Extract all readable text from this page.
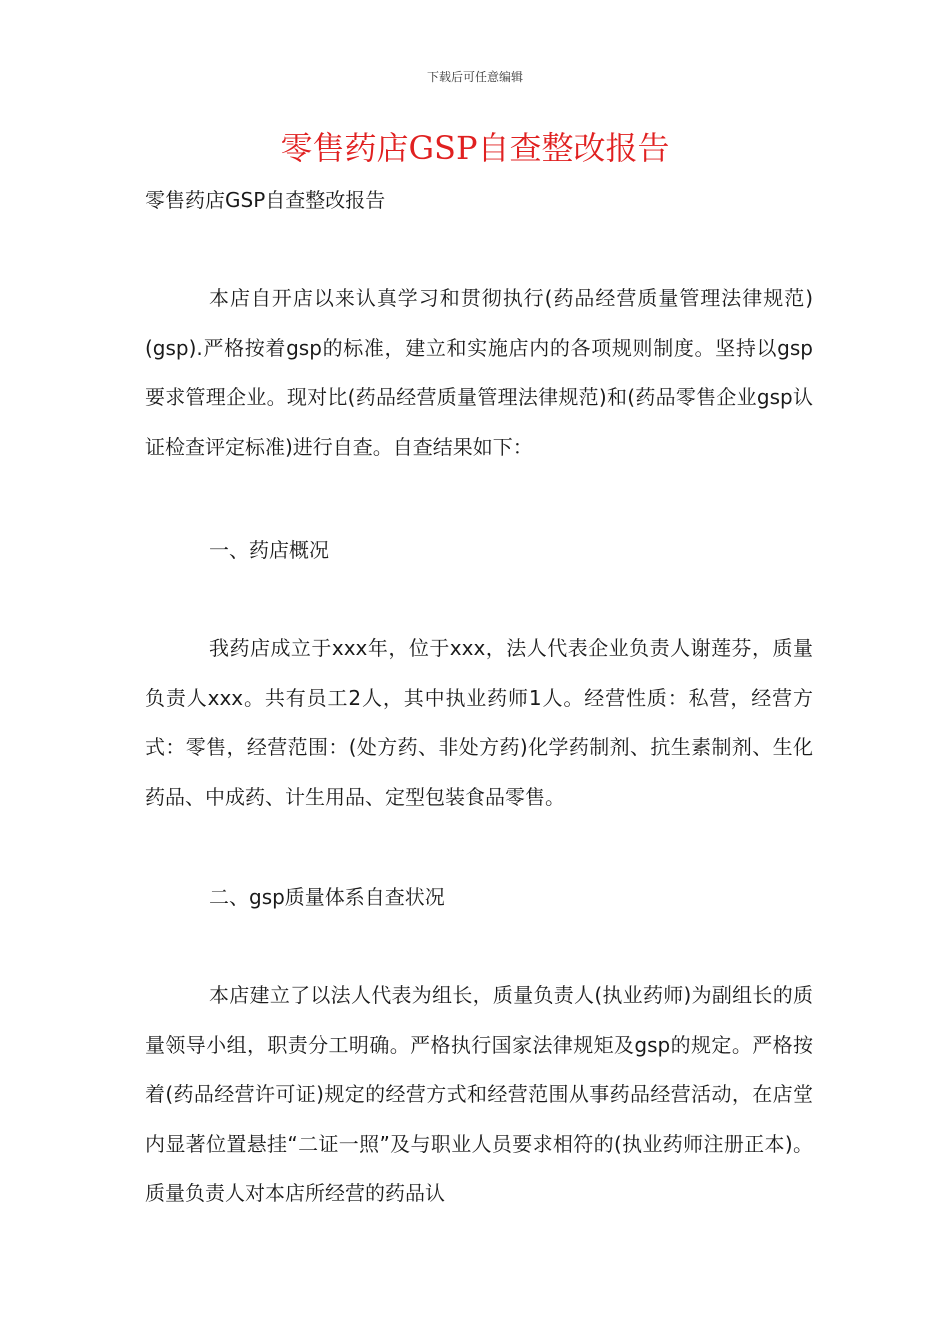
下载后可任意编辑
零售药店GSP自查整改报告

零售药店GSP自查整改报告

本店自开店以来认真学习和贯彻执行(药品经营质量管理法律规范)(gsp).严格按着gsp的标准，建立和实施店内的各项规则制度。坚持以gsp要求管理企业。现对比(药品经营质量管理法律规范)和(药品零售企业gsp认证检查评定标准)进行自查。自查结果如下：

一、药店概况

我药店成立于xxx年，位于xxx，法人代表企业负责人谢莲芬，质量负责人xxx。共有员工2人，其中执业药师1人。经营性质：私营，经营方式：零售，经营范围：(处方药、非处方药)化学药制剂、抗生素制剂、生化药品、中成药、计生用品、定型包装食品零售。

二、gsp质量体系自查状况

本店建立了以法人代表为组长，质量负责人(执业药师)为副组长的质量领导小组，职责分工明确。严格执行国家法律规矩及gsp的规定。严格按着(药品经营许可证)规定的经营方式和经营范围从事药品经营活动，在店堂内显著位置悬挂“二证一照”及与职业人员要求相符的(执业药师注册正本)。质量负责人对本店所经营的药品认
